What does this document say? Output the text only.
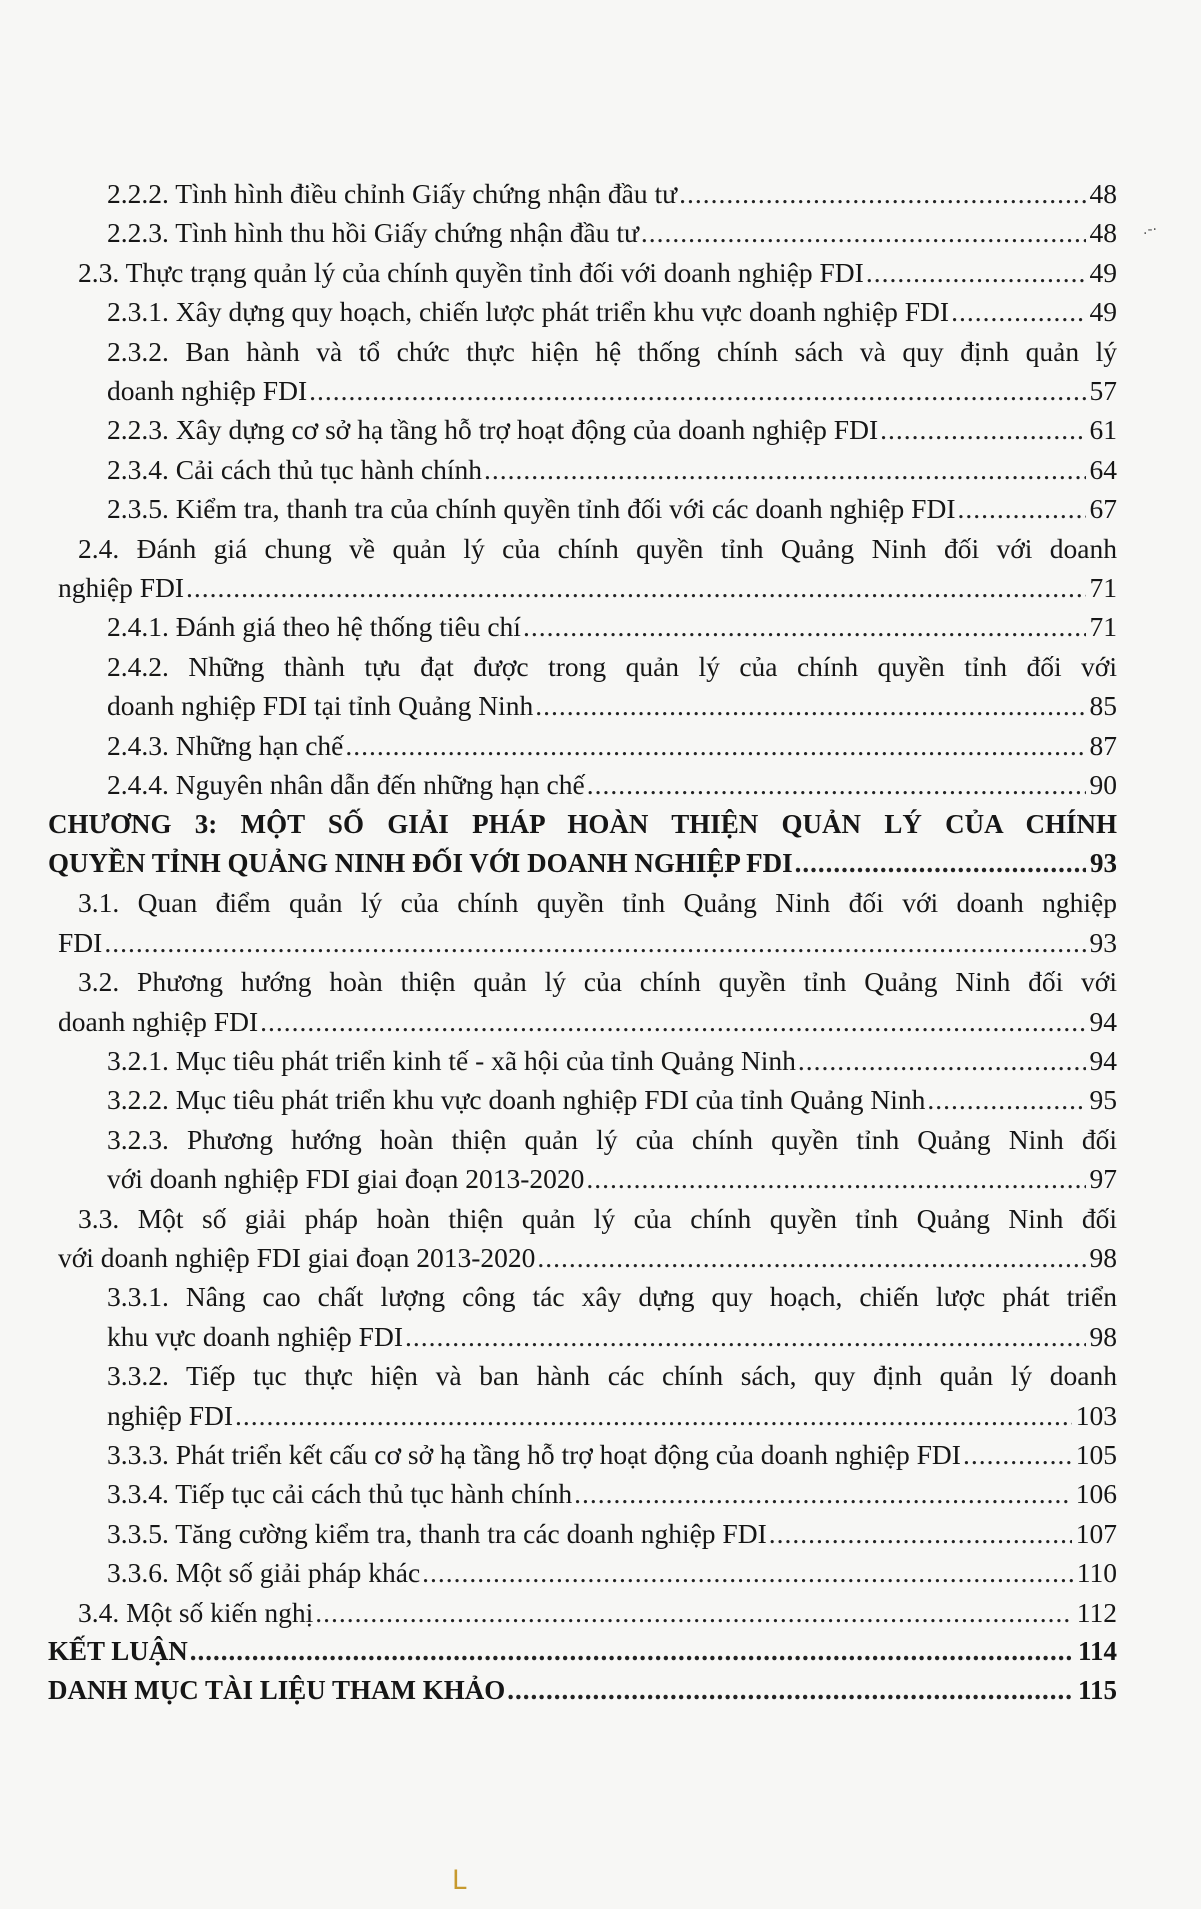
2.2.2. Tình hình điều chỉnh Giấy chứng nhận đầu tư .....	48
2.2.3. Tình hình thu hồi Giấy chứng nhận đầu tư .....	48
2.3. Thực trạng quản lý của chính quyền tỉnh đối với doanh nghiệp FDI .....	49
2.3.1. Xây dựng quy hoạch, chiến lược phát triển khu vực doanh nghiệp FDI .....	49
2.3.2. Ban hành và tổ chức thực hiện hệ thống chính sách và quy định quản lý
doanh nghiệp FDI .....	57
2.2.3. Xây dựng cơ sở hạ tầng hỗ trợ hoạt động của doanh nghiệp FDI .....	61
2.3.4. Cải cách thủ tục hành chính .....	64
2.3.5. Kiểm tra, thanh tra của chính quyền tỉnh đối với các doanh nghiệp FDI .....	67
2.4. Đánh giá chung về quản lý của chính quyền tỉnh Quảng Ninh đối với doanh
nghiệp FDI .....	71
2.4.1. Đánh giá theo hệ thống tiêu chí .....	71
2.4.2. Những thành tựu đạt được trong quản lý của chính quyền tỉnh đối với
doanh nghiệp FDI tại tỉnh Quảng Ninh .....	85
2.4.3. Những hạn chế .....	87
2.4.4. Nguyên nhân dẫn đến những hạn chế .....	90
CHƯƠNG 3: MỘT SỐ GIẢI PHÁP HOÀN THIỆN QUẢN LÝ CỦA CHÍNH
QUYỀN TỈNH QUẢNG NINH ĐỐI VỚI DOANH NGHIỆP FDI .....	93
3.1. Quan điểm quản lý của chính quyền tỉnh Quảng Ninh đối với doanh nghiệp
FDI .....	93
3.2. Phương hướng hoàn thiện quản lý của chính quyền tỉnh Quảng Ninh đối với
doanh nghiệp FDI .....	94
3.2.1. Mục tiêu phát triển kinh tế - xã hội của tỉnh Quảng Ninh .....	94
3.2.2. Mục tiêu phát triển khu vực doanh nghiệp FDI của tỉnh Quảng Ninh .....	95
3.2.3. Phương hướng hoàn thiện quản lý của chính quyền tỉnh Quảng Ninh đối
với doanh nghiệp FDI giai đoạn 2013-2020 .....	97
3.3. Một số giải pháp hoàn thiện quản lý của chính quyền tỉnh Quảng Ninh đối
với doanh nghiệp FDI giai đoạn 2013-2020 .....	98
3.3.1. Nâng cao chất lượng công tác xây dựng quy hoạch, chiến lược phát triển
khu vực doanh nghiệp FDI .....	98
3.3.2. Tiếp tục thực hiện và ban hành các chính sách, quy định quản lý doanh
nghiệp FDI .....	103
3.3.3. Phát triển kết cấu cơ sở hạ tầng hỗ trợ hoạt động của doanh nghiệp FDI .....	105
3.3.4. Tiếp tục cải cách thủ tục hành chính .....	106
3.3.5. Tăng cường kiểm tra, thanh tra các doanh nghiệp FDI .....	107
3.3.6. Một số giải pháp khác .....	110
3.4. Một số kiến nghị .....	112
KẾT LUẬN .....	114
DANH MỤC TÀI LIỆU THAM KHẢO .....	115
.-·
ᒪ
